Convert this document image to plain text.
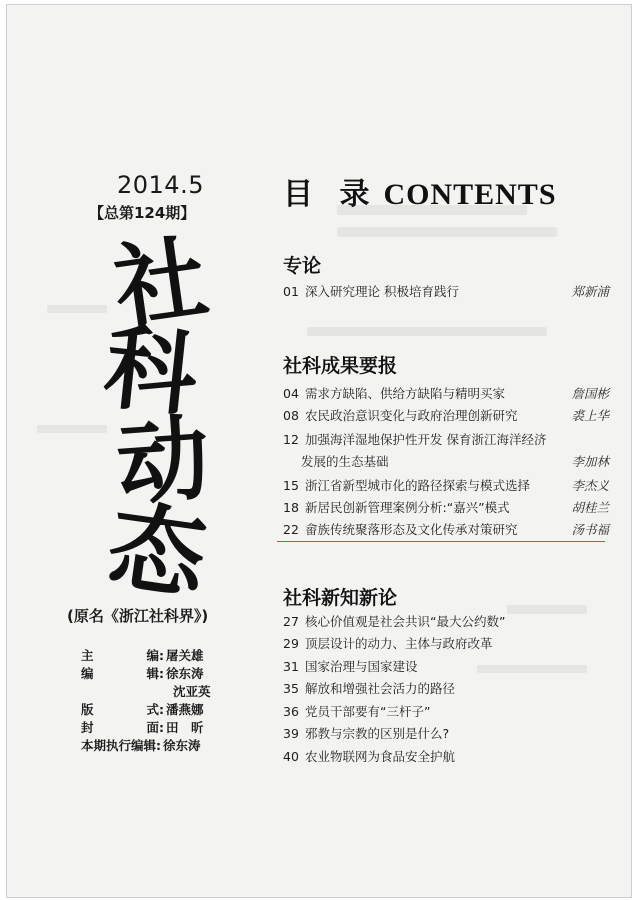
2014.5
【总第124期】
社
科
动
态
(原名《浙江社科界》)
主	编 : 屠关雄
编	辑 : 徐东涛
沈亚英
版	式 : 潘燕娜
封	面 : 田　昕
本期执行编辑 : 徐东涛
目 录 CONTENTS
专论
01 深入研究理论 积极培育践行	郑新浦
社科成果要报
04 需求方缺陷、供给方缺陷与精明买家	詹国彬
08 农民政治意识变化与政府治理创新研究	裘上华
12 加强海洋湿地保护性开发 保育浙江海洋经济
发展的生态基础	李加林
15 浙江省新型城市化的路径探索与模式选择	李杰义
18 新居民创新管理案例分析:“嘉兴”模式	胡桂兰
22 畲族传统聚落形态及文化传承对策研究	汤书福
社科新知新论
27 核心价值观是社会共识“最大公约数”
29 顶层设计的动力、主体与政府改革
31 国家治理与国家建设
35 解放和增强社会活力的路径
36 党员干部要有“三杆子”
39 邪教与宗教的区别是什么?
40 农业物联网为食品安全护航
